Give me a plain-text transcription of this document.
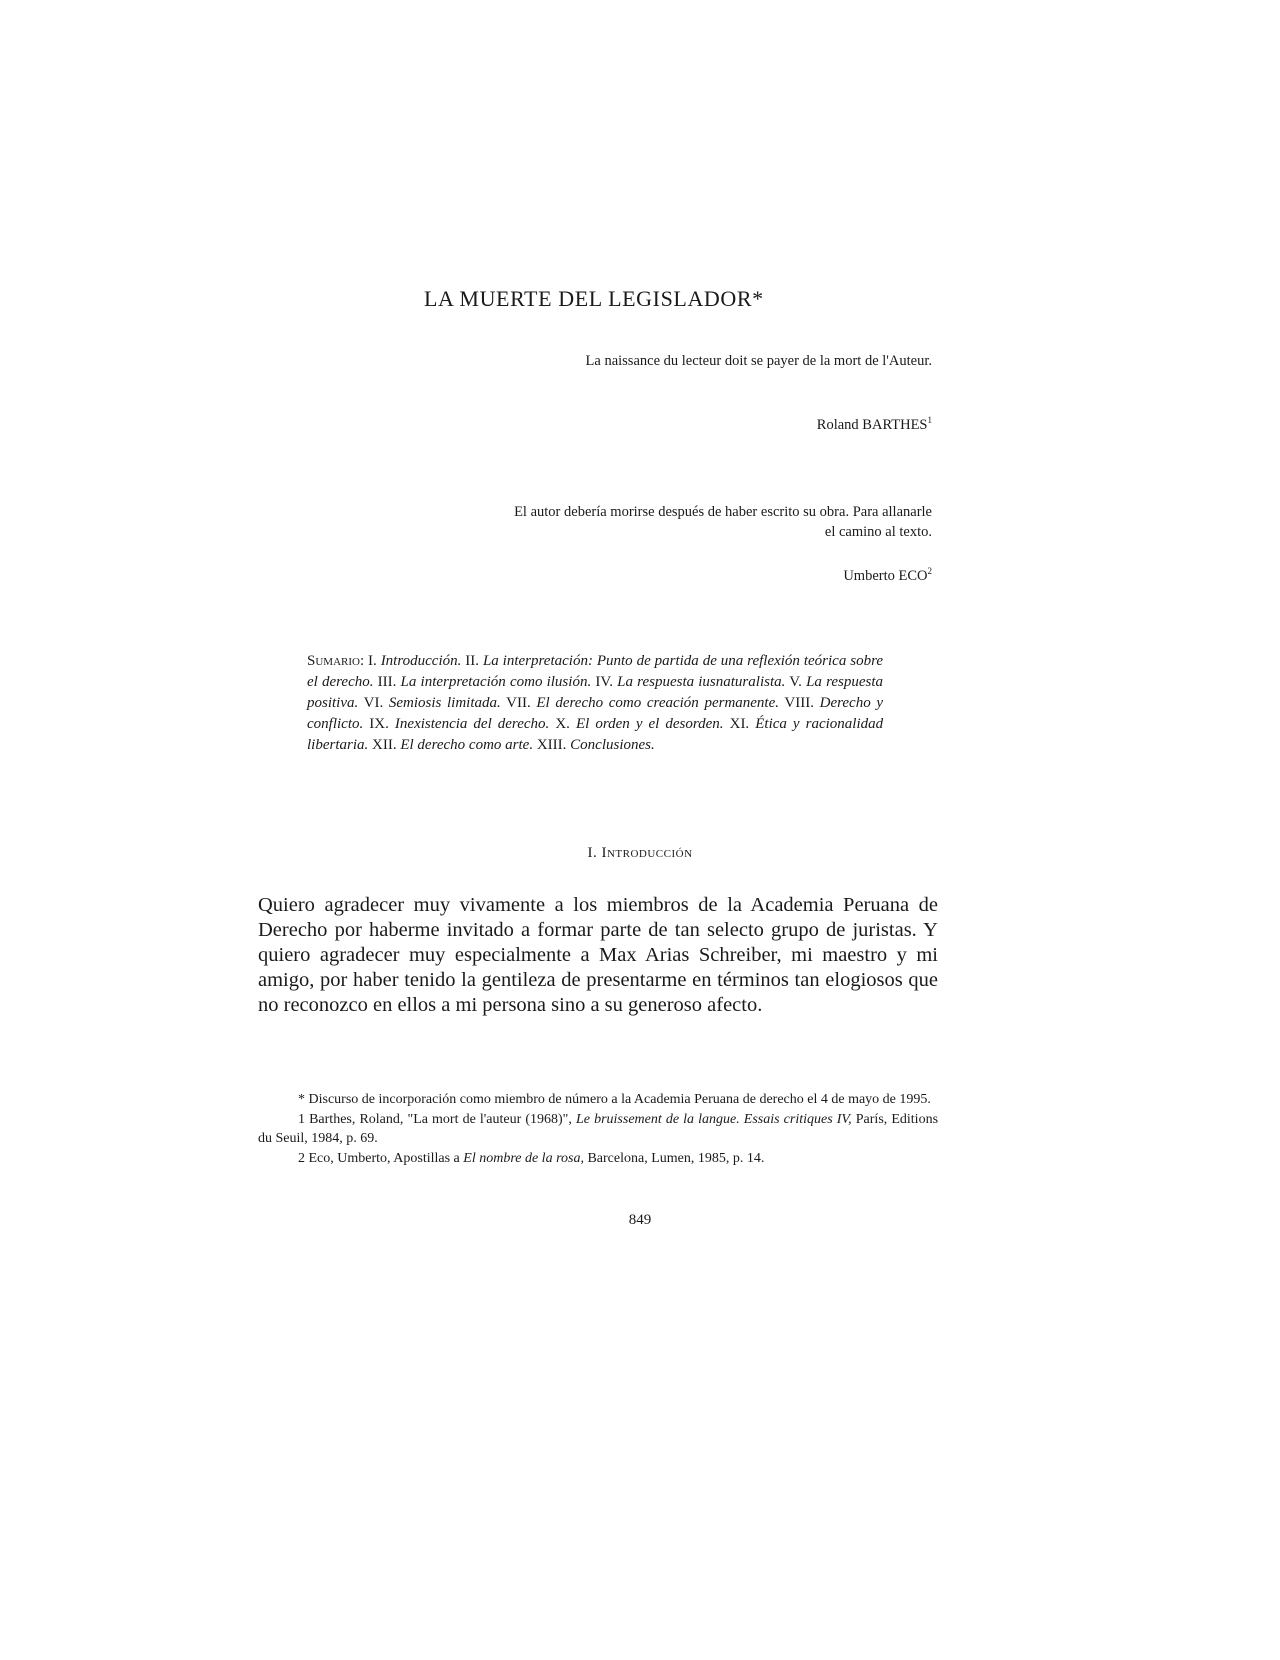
LA MUERTE DEL LEGISLADOR*
La naissance du lecteur doit se payer de la mort de l'Auteur.
Roland BARTHES$^1$
El autor debería morirse después de haber escrito su obra. Para allanarle el camino al texto.
Umberto ECO$^2$
Sumario: I. Introducción. II. La interpretación: Punto de partida de una reflexión teórica sobre el derecho. III. La interpretación como ilusión. IV. La respuesta iusnaturalista. V. La respuesta positiva. VI. Semiosis limitada. VII. El derecho como creación permanente. VIII. Derecho y conflicto. IX. Inexistencia del derecho. X. El orden y el desorden. XI. Ética y racionalidad libertaria. XII. El derecho como arte. XIII. Conclusiones.
I. Introducción
Quiero agradecer muy vivamente a los miembros de la Academia Peruana de Derecho por haberme invitado a formar parte de tan selecto grupo de juristas. Y quiero agradecer muy especialmente a Max Arias Schreiber, mi maestro y mi amigo, por haber tenido la gentileza de presentarme en términos tan elogiosos que no reconozco en ellos a mi persona sino a su generoso afecto.

* Discurso de incorporación como miembro de número a la Academia Peruana de derecho el 4 de mayo de 1995.

1 Barthes, Roland, "La mort de l'auteur (1968)", Le bruissement de la langue. Essais critiques IV, París, Editions du Seuil, 1984, p. 69.

2 Eco, Umberto, Apostillas a El nombre de la rosa, Barcelona, Lumen, 1985, p. 14.

849
